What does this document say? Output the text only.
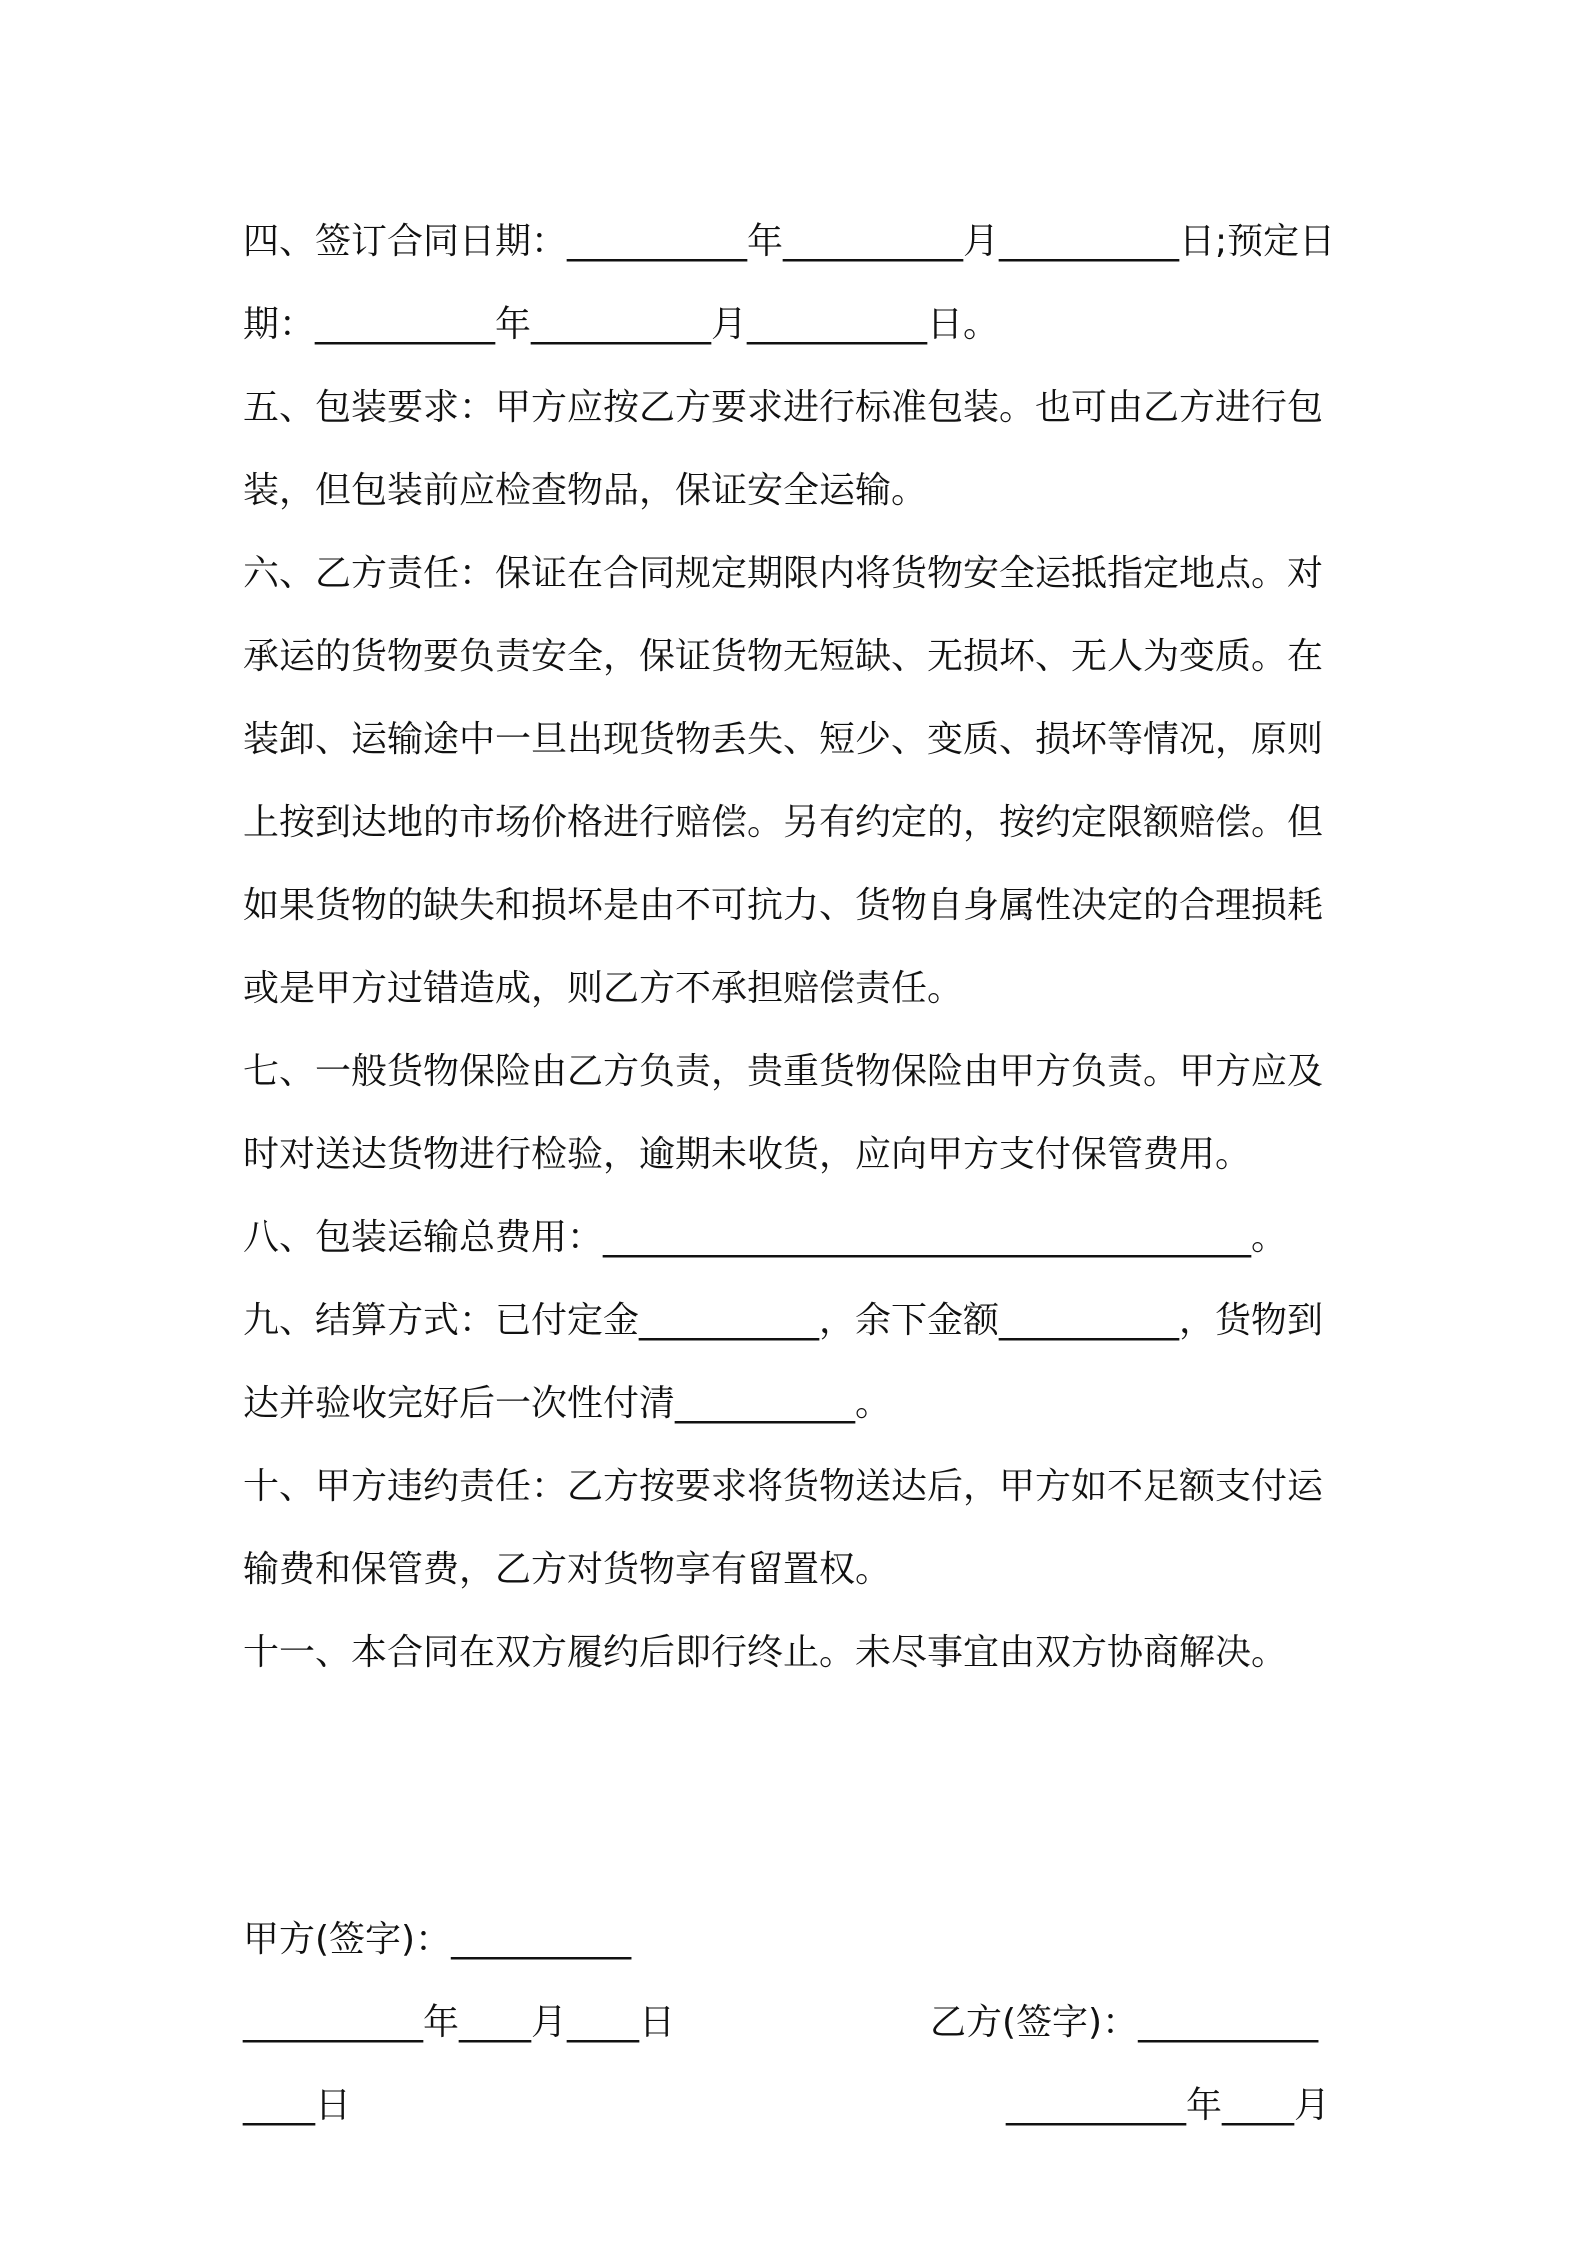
四、签订合同日期：__________年__________月__________日;预定日期：__________年__________月__________日。

五、包装要求：甲方应按乙方要求进行标准包装。也可由乙方进行包装，但包装前应检查物品，保证安全运输。

六、乙方责任：保证在合同规定期限内将货物安全运抵指定地点。对承运的货物要负责安全，保证货物无短缺、无损坏、无人为变质。在装卸、运输途中一旦出现货物丢失、短少、变质、损坏等情况，原则上按到达地的市场价格进行赔偿。另有约定的，按约定限额赔偿。但如果货物的缺失和损坏是由不可抗力、货物自身属性决定的合理损耗或是甲方过错造成，则乙方不承担赔偿责任。

七、一般货物保险由乙方负责，贵重货物保险由甲方负责。甲方应及时对送达货物进行检验，逾期未收货，应向甲方支付保管费用。

八、包装运输总费用：____________________________________。

九、结算方式：已付定金__________，余下金额__________，货物到达并验收完好后一次性付清__________。

十、甲方违约责任：乙方按要求将货物送达后，甲方如不足额支付运输费和保管费，乙方对货物享有留置权。

十一、本合同在双方履约后即行终止。未尽事宜由双方协商解决。

甲方(签字)：__________

乙方(签字)：__________

__________年____月____日

__________年____月

____日
